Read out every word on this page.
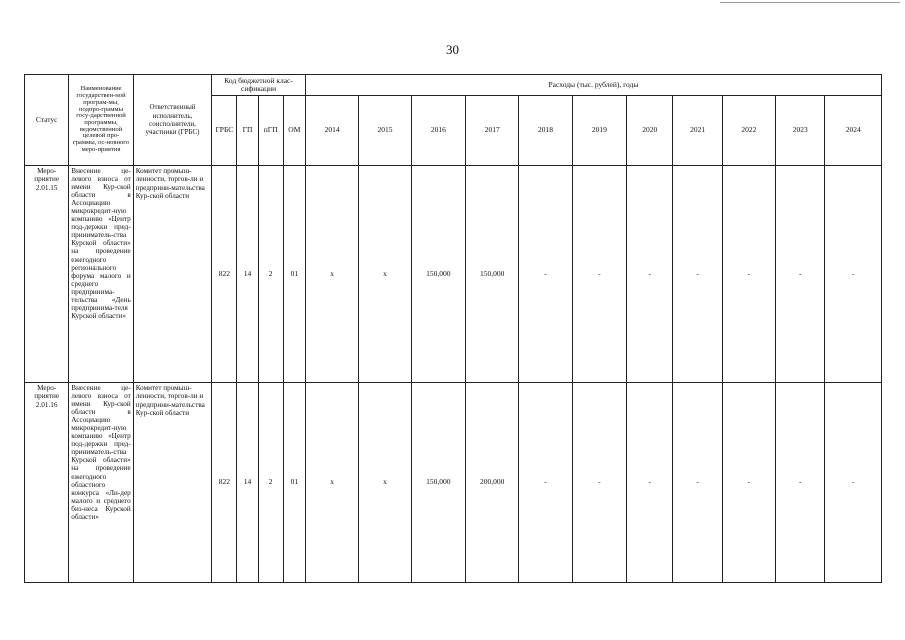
30
Статус	Наименование государствен-ной програм-мы, подпро-граммы госу-дарственной программы, ведомственной целевой про-граммы, ос-новного меро-приятия	Ответственный исполнитель, соисполнители, участники (ГРБС)	Код бюджетной клас-сификации				Расходы (тыс. рублей), годы										
			ГРБС	ГП	пГП	ОМ	2014	2015	2016	2017	2018	2019	2020	2021	2022	2023	2024
Меро-приятие 2.01.15	Внесение це-левого взноса от имени Кур-ской области в Ассоциацию микрокредит-ную компанию «Центр под-держки пред-приниматель-ства Курской области» на проведение ежегодного регионального форума малого и среднего предпринима-тельства «День предпринима-теля Курской области»	Комитет промыш-ленности, торгов-ли и предприни-мательства Кур-ской области	822	14	2	01	х	х	150,000	150,000	-	-	-	-	-	-	-
Меро-приятие 2.01.16	Внесение це-левого взноса от имени Кур-ской области в Ассоциацию микрокредит-ную компанию «Центр под-держки пред-приниматель-ства Курской области» на проведение ежегодного областного конкурса «Ли-дер малого и среднего биз-неса Курской области»	Комитет промыш-ленности, торгов-ли и предприни-мательства Кур-ской области	822	14	2	01	х	х	150,000	200,000	-	-	-	-	-	-	-
